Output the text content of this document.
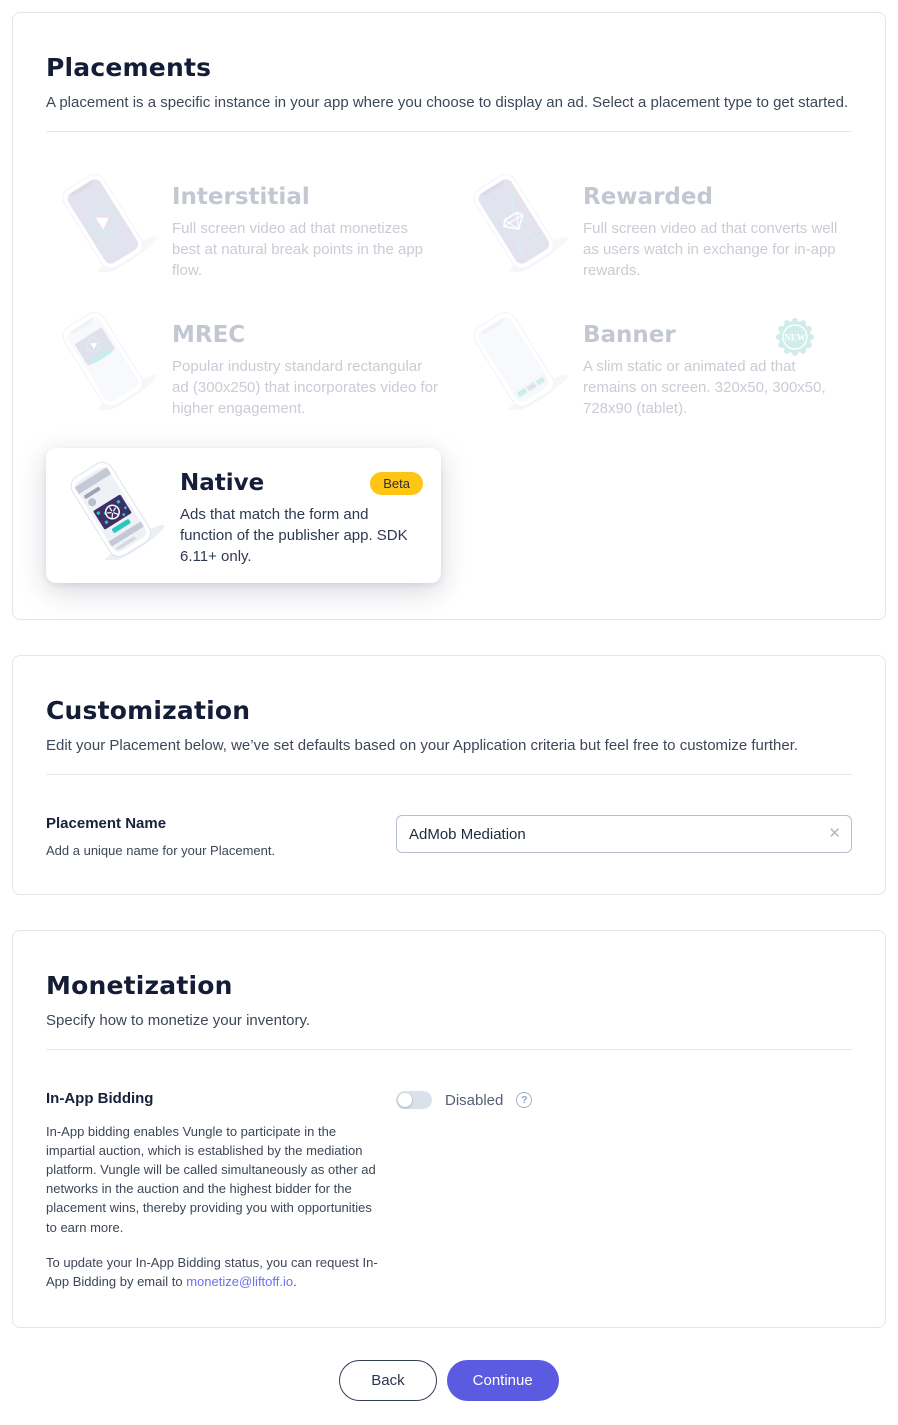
Placements

A placement is a specific instance in your app where you choose to display an ad. Select a placement type to get started.

Interstitial
Full screen video ad that monetizes best at natural break points in the app flow.
Rewarded
Full screen video ad that converts well as users watch in exchange for in-app rewards.
MREC
Popular industry standard rectangular ad (300x250) that incorporates video for higher engagement.
Banner
A slim static or animated ad that remains on screen. 320x50, 300x50, 728x90 (tablet).
NEW
Native	Beta
Ads that match the form and function of the publisher app. SDK 6.11+ only.
Customization

Edit your Placement below, we’ve set defaults based on your Application criteria but feel free to customize further.

Placement Name
Add a unique name for your Placement.
AdMob Mediation
✕
Monetization

Specify how to monetize your inventory.

In-App Bidding

In-App bidding enables Vungle to participate in the impartial auction, which is established by the mediation platform. Vungle will be called simultaneously as other ad networks in the auction and the highest bidder for the placement wins, thereby providing you with opportunities to earn more.

To update your In-App Bidding status, you can request In-App Bidding by email to monetize@liftoff.io.

Disabled	?
Back	Continue
